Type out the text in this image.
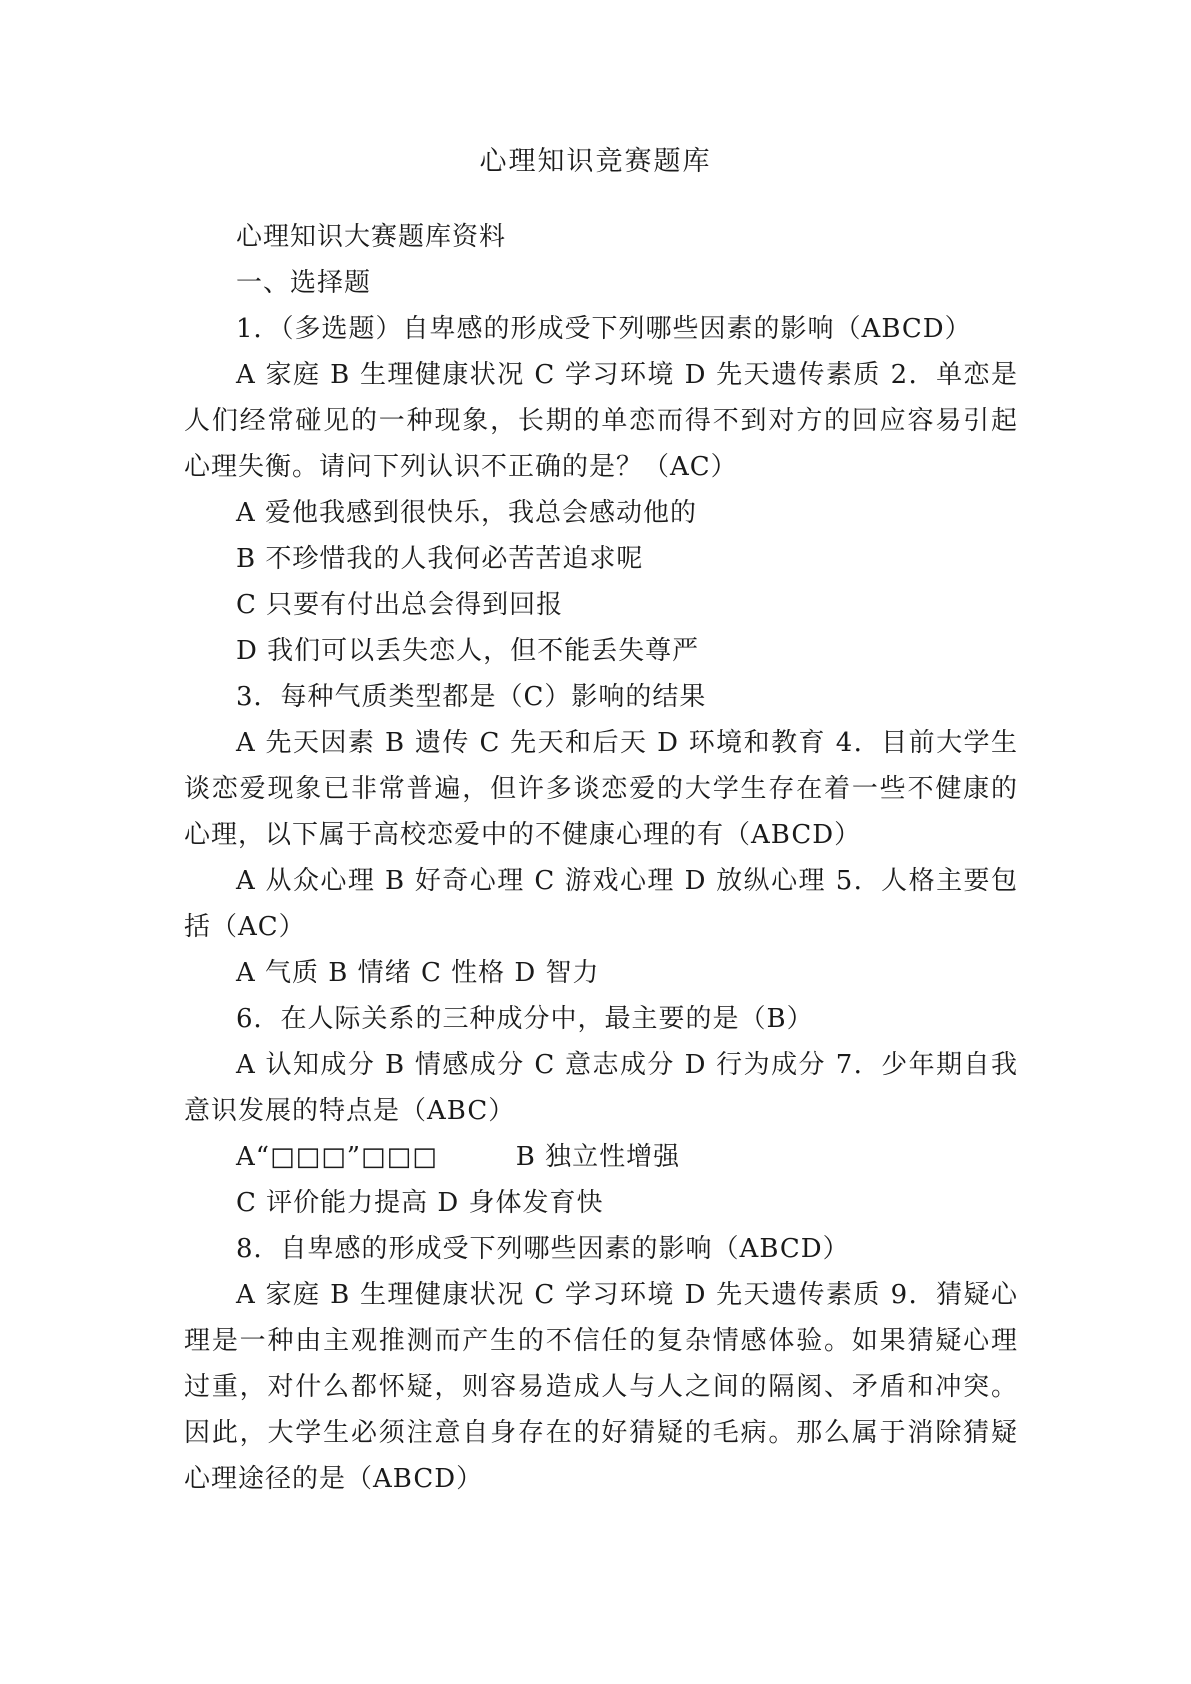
心理知识竞赛题库

心理知识大赛题库资料

一、选择题

1．（多选题）自卑感的形成受下列哪些因素的影响（ABCD）

A 家庭 B 生理健康状况 C 学习环境 D 先天遗传素质 2．单恋是人们经常碰见的一种现象，长期的单恋而得不到对方的回应容易引起心理失衡。请问下列认识不正确的是？（AC）

A 爱他我感到很快乐，我总会感动他的

B 不珍惜我的人我何必苦苦追求呢

C 只要有付出总会得到回报

D 我们可以丢失恋人，但不能丢失尊严

3．每种气质类型都是（C）影响的结果

A 先天因素 B 遗传 C 先天和后天 D 环境和教育 4．目前大学生谈恋爱现象已非常普遍，但许多谈恋爱的大学生存在着一些不健康的心理，以下属于高校恋爱中的不健康心理的有（ABCD）

A 从众心理 B 好奇心理 C 游戏心理 D 放纵心理 5．人格主要包括（AC）

A 气质 B 情绪 C 性格 D 智力

6．在人际关系的三种成分中，最主要的是（B）

A 认知成分 B 情感成分 C 意志成分 D 行为成分 7．少年期自我意识发展的特点是（ABC）

A“□□□”□□□	B 独立性增强

C 评价能力提高 D 身体发育快

8．自卑感的形成受下列哪些因素的影响（ABCD）

A 家庭 B 生理健康状况 C 学习环境 D 先天遗传素质 9．猜疑心理是一种由主观推测而产生的不信任的复杂情感体验。如果猜疑心理过重，对什么都怀疑，则容易造成人与人之间的隔阂、矛盾和冲突。因此，大学生必须注意自身存在的好猜疑的毛病。那么属于消除猜疑心理途径的是（ABCD）
